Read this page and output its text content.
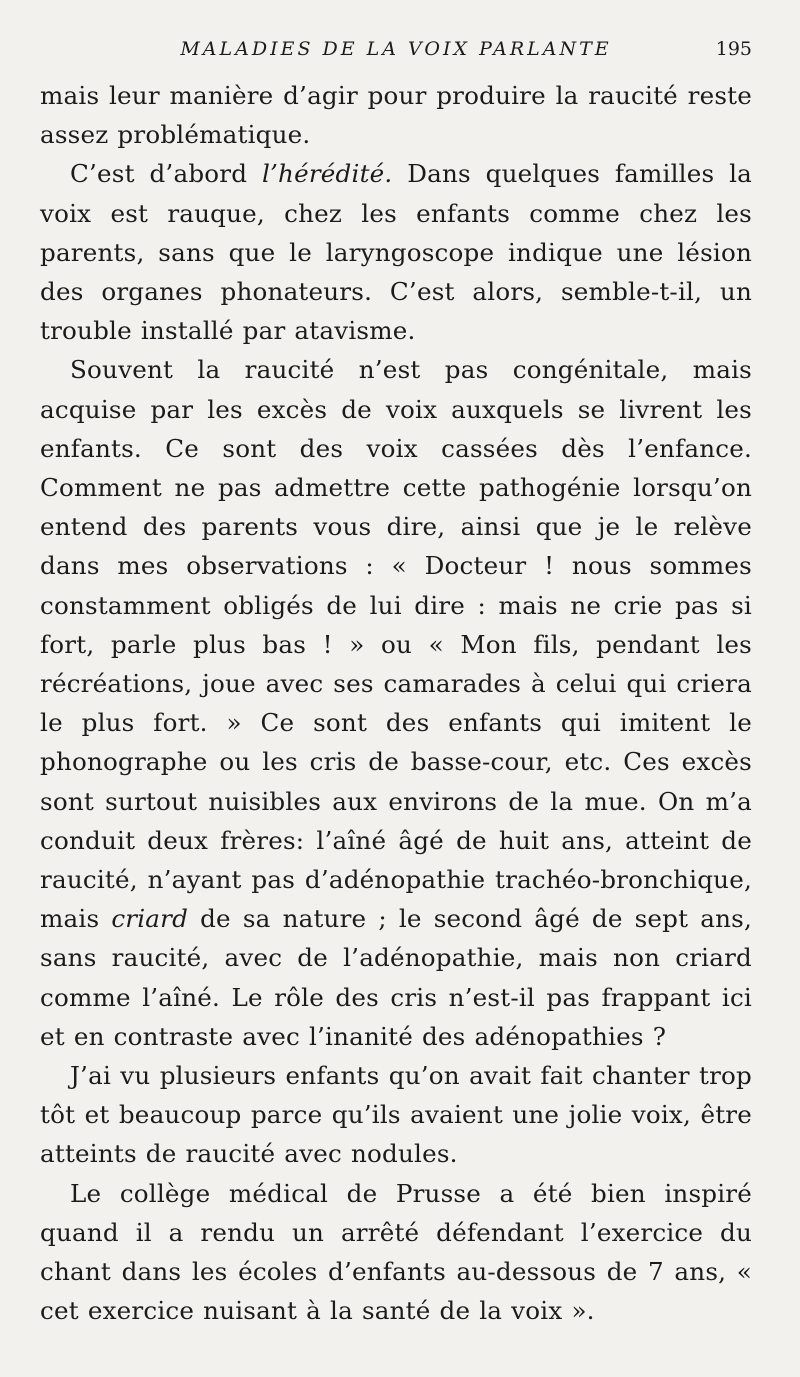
MALADIES DE LA VOIX PARLANTE	195

mais leur manière d’agir pour produire la raucité reste assez problématique.

C’est d’abord l’hérédité. Dans quelques familles la voix est rauque, chez les enfants comme chez les parents, sans que le laryngoscope indique une lésion des organes phonateurs. C’est alors, semble-t-il, un trouble installé par atavisme.

Souvent la raucité n’est pas congénitale, mais acquise par les excès de voix auxquels se livrent les enfants. Ce sont des voix cassées dès l’enfance. Comment ne pas admettre cette pathogénie lorsqu’on entend des parents vous dire, ainsi que je le relève dans mes observations : « Docteur ! nous sommes constamment obligés de lui dire : mais ne crie pas si fort, parle plus bas ! » ou « Mon fils, pendant les récréations, joue avec ses camarades à celui qui criera le plus fort. » Ce sont des enfants qui imitent le phonographe ou les cris de basse-cour, etc. Ces excès sont surtout nuisibles aux environs de la mue. On m’a conduit deux frères: l’aîné âgé de huit ans, atteint de raucité, n’ayant pas d’adénopathie trachéo-bronchique, mais criard de sa nature ; le second âgé de sept ans, sans raucité, avec de l’adénopathie, mais non criard comme l’aîné. Le rôle des cris n’est-il pas frappant ici et en contraste avec l’inanité des adénopathies ?

J’ai vu plusieurs enfants qu’on avait fait chanter trop tôt et beaucoup parce qu’ils avaient une jolie voix, être atteints de raucité avec nodules.

Le collège médical de Prusse a été bien inspiré quand il a rendu un arrêté défendant l’exercice du chant dans les écoles d’enfants au-dessous de 7 ans, « cet exercice nuisant à la santé de la voix ».
